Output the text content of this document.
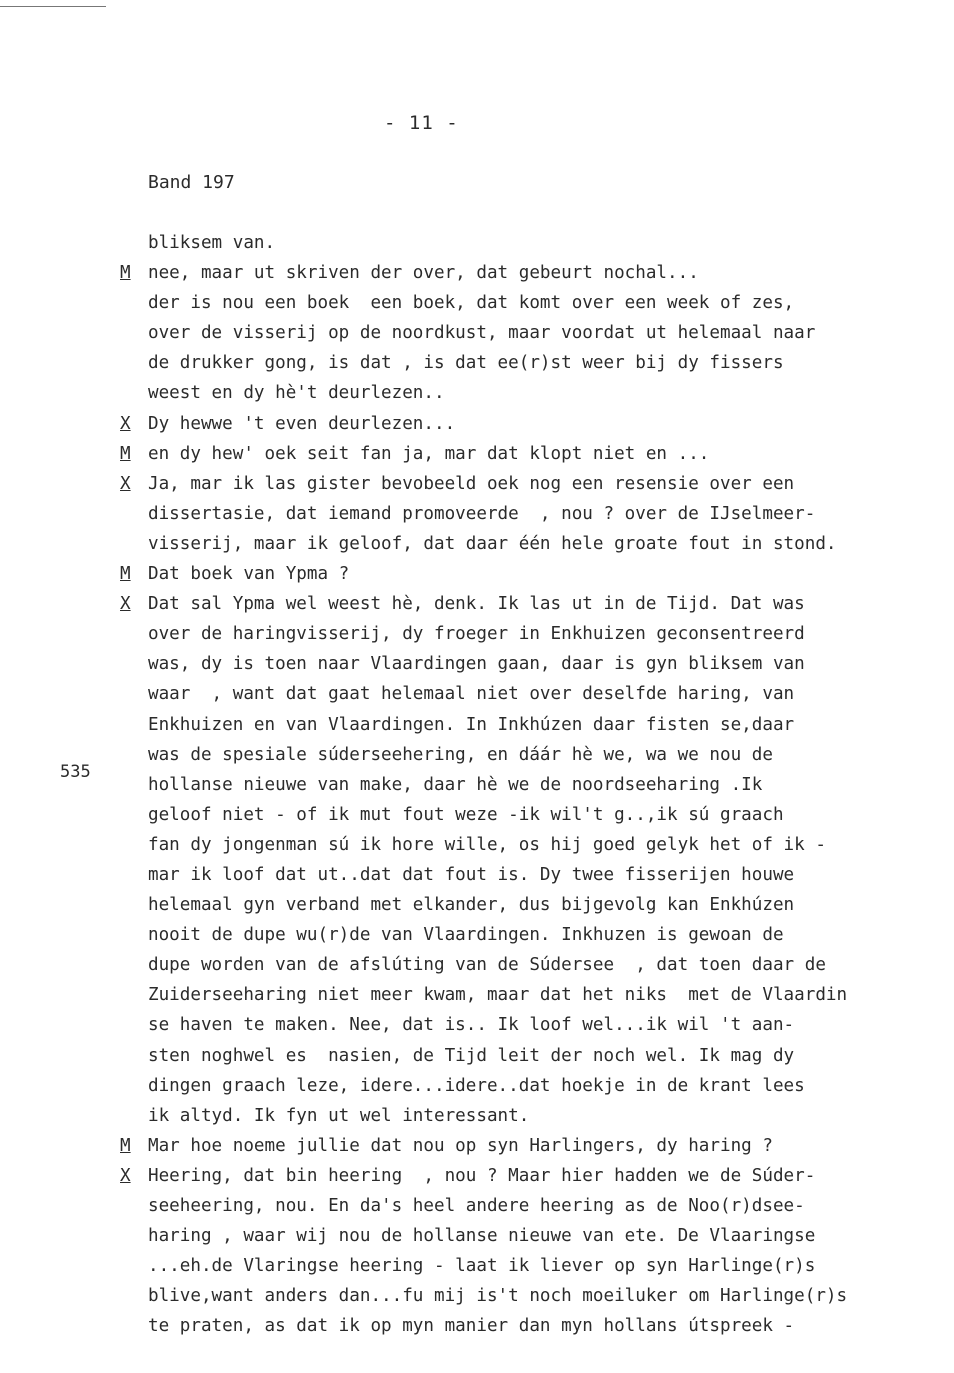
- 11 -
Band 197
535
bliksem van.
M nee, maar ut skriven der over, dat gebeurt nochal...
der is nou een boek  een boek, dat komt over een week of zes,
over de visserij op de noordkust, maar voordat ut helemaal naar
de drukker gong, is dat , is dat ee(r)st weer bij dy fissers
weest en dy hè't deurlezen..
X Dy hewwe 't even deurlezen...
M en dy hew' oek seit fan ja, mar dat klopt niet en ...
X Ja, mar ik las gister bevobeeld oek nog een resensie over een
dissertasie, dat iemand promoveerde  , nou ? over de IJselmeer-
visserij, maar ik geloof, dat daar één hele groate fout in stond.
M Dat boek van Ypma ?
X Dat sal Ypma wel weest hè, denk. Ik las ut in de Tijd. Dat was
over de haringvisserij, dy froeger in Enkhuizen geconsentreerd
was, dy is toen naar Vlaardingen gaan, daar is gyn bliksem van
waar  , want dat gaat helemaal niet over deselfde haring, van
Enkhuizen en van Vlaardingen. In Inkhúzen daar fisten se,daar
was de spesiale súderseehering, en dáár hè we, wa we nou de
hollanse nieuwe van make, daar hè we de noordseeharing .Ik
geloof niet - of ik mut fout weze -ik wil't g..,ik sú graach
fan dy jongenman sú ik hore wille, os hij goed gelyk het of ik -
mar ik loof dat ut..dat dat fout is. Dy twee fisserijen houwe
helemaal gyn verband met elkander, dus bijgevolg kan Enkhúzen
nooit de dupe wu(r)de van Vlaardingen. Inkhuzen is gewoan de
dupe worden van de afslúting van de Súdersee  , dat toen daar de
Zuiderseeharing niet meer kwam, maar dat het niks  met de Vlaardin
se haven te maken. Nee, dat is.. Ik loof wel...ik wil 't aan-
sten noghwel es  nasien, de Tijd leit der noch wel. Ik mag dy
dingen graach leze, idere...idere..dat hoekje in de krant lees
ik altyd. Ik fyn ut wel interessant.
M Mar hoe noeme jullie dat nou op syn Harlingers, dy haring ?
X Heering, dat bin heering  , nou ? Maar hier hadden we de Súder-
seeheering, nou. En da's heel andere heering as de Noo(r)dsee-
haring , waar wij nou de hollanse nieuwe van ete. De Vlaaringse
...eh.de Vlaringse heering - laat ik liever op syn Harlinge(r)s
blive,want anders dan...fu mij is't noch moeiluker om Harlinge(r)s
te praten, as dat ik op myn manier dan myn hollans útspreek -
